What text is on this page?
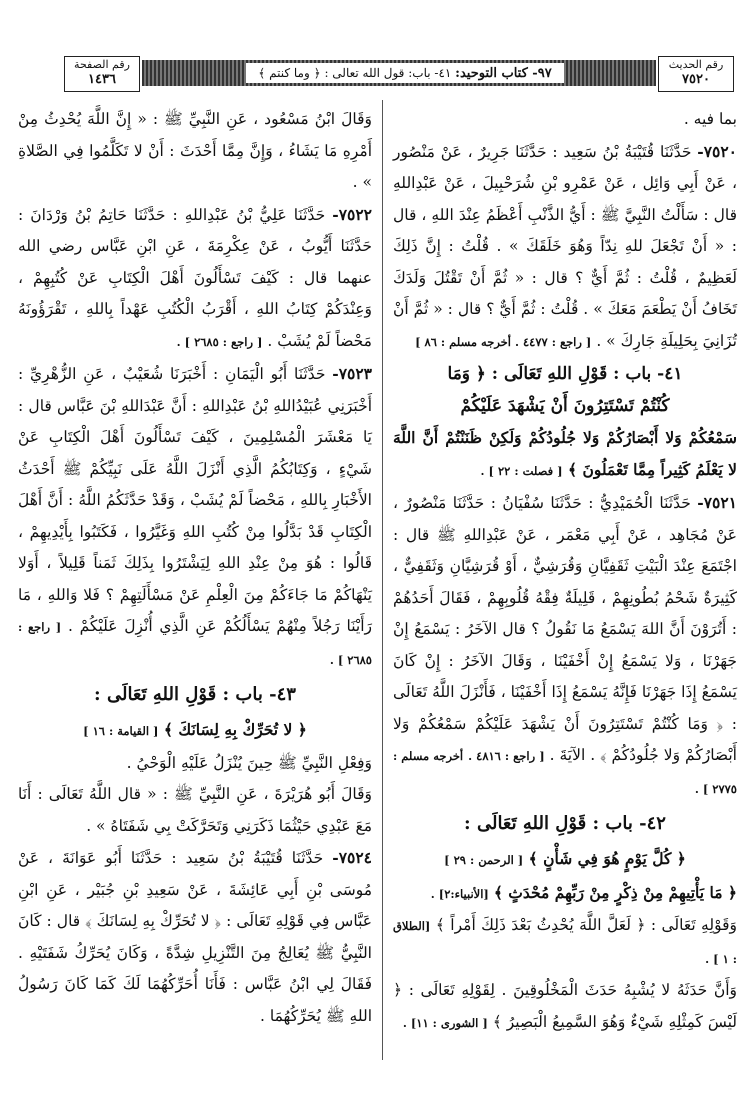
رقم الحديث
٧٥٢٠
رقم الصفحة
١٤٣٦	٩٧- كتاب التوحيد: ٤١- باب: قول الله تعالى : ﴿ وما كنتم ﴾

بما فيه .

٧٥٢٠- حَدَّثَنَا قُتَيْبَةُ بْنُ سَعِيد : حَدَّثَنَا جَرِيرٌ ، عَنْ مَنْصُور ، عَنْ أَبِي وَائِل ، عَنْ عَمْرِو بْنِ شُرَحْبِيلَ ، عَنْ عَبْدِاللهِ قال : سَأَلْتُ النَّبِيَّ ﷺ : أَيُّ الذَّنْبِ أَعْظَمُ عِنْدَ اللهِ ، قال : « أَنْ تَجْعَلَ للهِ نِدّاً وَهُوَ خَلَقَكَ » . قُلْتُ : إِنَّ ذَلِكَ لَعَظِيمٌ ، قُلْتُ : ثُمَّ أَيٌّ ؟ قال : « ثُمَّ أَنْ تَقْتُلَ وَلَدَكَ تَخَافُ أَنْ يَطْعَمَ مَعَكَ » . قُلْتُ : ثُمَّ أَيٌّ ؟ قال : « ثُمَّ أَنْ تُزَانِيَ بِحَلِيلَةِ جَارِكَ » . [ راجع : ٤٤٧٧ . أخرجه مسلم : ٨٦ ]

٤١- باب : قَوْلِ اللهِ تَعَالَى : ﴿ وَمَا
كُنْتُمْ تَسْتَتِرُونَ أَنْ يَشْهَدَ عَلَيْكُمْ

سَمْعُكُمْ وَلا أَبْصَارُكُمْ وَلا جُلُودُكُمْ وَلَكِنْ ظَنَنْتُمْ أَنَّ اللَّهَ لا يَعْلَمُ كَثِيراً مِمَّا تَعْمَلُونَ ﴾ [ فصلت : ٢٢ ] .

٧٥٢١- حَدَّثَنَا الْحُمَيْدِيُّ : حَدَّثَنَا سُفْيَانُ : حَدَّثَنَا مَنْصُورٌ ، عَنْ مُجَاهِد ، عَنْ أَبِي مَعْمَر ، عَنْ عَبْدِاللهِ ﷺ قال : اجْتَمَعَ عِنْدَ الْبَيْتِ ثَقَفِيَّانِ وَقُرَشِيٌّ ، أَوْ قُرَشِيَّانِ وَثَقَفِيٌّ ، كَثِيرَةٌ شَحْمُ بُطُونِهِمْ ، قَلِيلَةٌ فِقْهُ قُلُوبِهِمْ ، فَقَالَ أَحَدُهُمْ : أَتُرَوْنَ أَنَّ اللهَ يَسْمَعُ مَا نَقُولُ ؟ قال الآخَرُ : يَسْمَعُ إِنْ جَهَرْنَا ، وَلا يَسْمَعُ إِنْ أَخْفَيْنَا ، وَقَالَ الآخَرُ : إِنْ كَانَ يَسْمَعُ إِذَا جَهَرْنَا فَإِنَّهُ يَسْمَعُ إِذَا أَخْفَيْنَا ، فَأَنْزَلَ اللَّهُ تَعَالَى : ﴿ وَمَا كُنْتُمْ تَسْتَتِرُونَ أَنْ يَشْهَدَ عَلَيْكُمْ سَمْعُكُمْ وَلا أَبْصَارُكُمْ وَلا جُلُودُكُمْ ﴾ . الآيَةَ . [ راجع : ٤٨١٦ . أخرجه مسلم : ٢٧٧٥ ] .

٤٢- باب : قَوْلِ اللهِ تَعَالَى :

﴿ كُلَّ يَوْمٍ هُوَ فِي شَأْنٍ ﴾ [ الرحمن : ٢٩ ]

﴿ مَا يَأْتِيهِمْ مِنْ ذِكْرٍ مِنْ رَبِّهِمْ مُحْدَثٍ ﴾ [الأنبياء:٢] .

وَقَوْلِهِ تَعَالَى : ﴿ لَعَلَّ اللَّهَ يُحْدِثُ بَعْدَ ذَلِكَ أَمْراً ﴾ [الطلاق : ١ ] .

وَأَنَّ حَدَثَهُ لا يُشْبِهُ حَدَثَ الْمَخْلُوقِينَ . لِقَوْلِهِ تَعَالَى : ﴿ لَيْسَ كَمِثْلِهِ شَيْءٌ وَهُوَ السَّمِيعُ الْبَصِيرُ ﴾ [ الشورى : ١١] .

وَقَالَ ابْنُ مَسْعُود ، عَنِ النَّبِيِّ ﷺ : « إِنَّ اللَّهَ يُحْدِثُ مِنْ أَمْرِهِ مَا يَشَاءُ ، وَإِنَّ مِمَّا أَحْدَثَ : أَنْ لا تَكَلَّمُوا فِي الصَّلاةِ » .

٧٥٢٢- حَدَّثَنَا عَلِيُّ بْنُ عَبْدِاللهِ : حَدَّثَنَا حَاتِمُ بْنُ وَرْدَانَ : حَدَّثَنَا أَيُّوبُ ، عَنْ عِكْرِمَةَ ، عَنِ ابْنِ عَبَّاس رضي الله عنهما قال : كَيْفَ تَسْأَلُونَ أَهْلَ الْكِتَابِ عَنْ كُتُبِهِمْ ، وَعِنْدَكُمْ كِتَابُ اللهِ ، أَقْرَبُ الْكُتُبِ عَهْداً بِاللهِ ، تَقْرَؤُونَهُ مَحْضاً لَمْ يُشَبْ . [ راجع : ٢٦٨٥ ] .

٧٥٢٣- حَدَّثَنَا أَبُو الْيَمَانِ : أَخْبَرَنَا شُعَيْبٌ ، عَنِ الزُّهْرِيِّ : أَخْبَرَنِي عُبَيْدُاللهِ بْنُ عَبْدِاللهِ : أَنَّ عَبْدَاللهِ بْنَ عَبَّاس قال : يَا مَعْشَرَ الْمُسْلِمِينَ ، كَيْفَ تَسْأَلُونَ أَهْلَ الْكِتَابِ عَنْ شَيْءٍ ، وَكِتَابُكُمُ الَّذِي أَنْزَلَ اللَّهُ عَلَى نَبِيِّكُمْ ﷺ أَحْدَثُ الأَخْبَارِ بِاللهِ ، مَحْضاً لَمْ يُشَبْ ، وَقَدْ حَدَّثَكُمُ اللَّهُ : أَنَّ أَهْلَ الْكِتَابِ قَدْ بَدَّلُوا مِنْ كُتُبِ اللهِ وَغَيَّرُوا ، فَكَتَبُوا بِأَيْدِيهِمْ ، قَالُوا : هُوَ مِنْ عِنْدِ اللهِ لِيَشْتَرُوا بِذَلِكَ ثَمَناً قَلِيلاً ، أَوَلا يَنْهَاكُمْ مَا جَاءَكُمْ مِنَ الْعِلْمِ عَنْ مَسْأَلَتِهِمْ ؟ فَلا وَاللهِ ، مَا رَأَيْنَا رَجُلاً مِنْهُمْ يَسْأَلُكُمْ عَنِ الَّذِي أُنْزِلَ عَلَيْكُمْ . [ راجع : ٢٦٨٥ ] .

٤٣- باب : قَوْلِ اللهِ تَعَالَى :

﴿ لا تُحَرِّكْ بِهِ لِسَانَكَ ﴾ [ القيامة : ١٦ ]

وَفِعْلِ النَّبِيِّ ﷺ حِينَ يُنْزَلُ عَلَيْهِ الْوَحْيُ .

وَقَالَ أَبُو هُرَيْرَةَ ، عَنِ النَّبِيِّ ﷺ : « قال اللَّهُ تَعَالَى : أَنَا مَعَ عَبْدِي حَيْثُمَا ذَكَرَنِي وَتَحَرَّكَتْ بِي شَفَتَاهُ » .

٧٥٢٤- حَدَّثَنَا قُتَيْبَةُ بْنُ سَعِيد : حَدَّثَنَا أَبُو عَوَانَةَ ، عَنْ مُوسَى بْنِ أَبِي عَائِشَةَ ، عَنْ سَعِيدِ بْنِ جُبَيْر ، عَنِ ابْنِ عَبَّاس فِي قَوْلِهِ تَعَالَى : ﴿ لا تُحَرِّكْ بِهِ لِسَانَكَ ﴾ قال : كَانَ النَّبِيُّ ﷺ يُعَالِجُ مِنَ التَّنْزِيلِ شِدَّةً ، وَكَانَ يُحَرِّكُ شَفَتَيْهِ . فَقَالَ لِي ابْنُ عَبَّاس : فَأَنَا أُحَرِّكُهُمَا لَكَ كَمَا كَانَ رَسُولُ اللهِ ﷺ يُحَرِّكُهُمَا .
